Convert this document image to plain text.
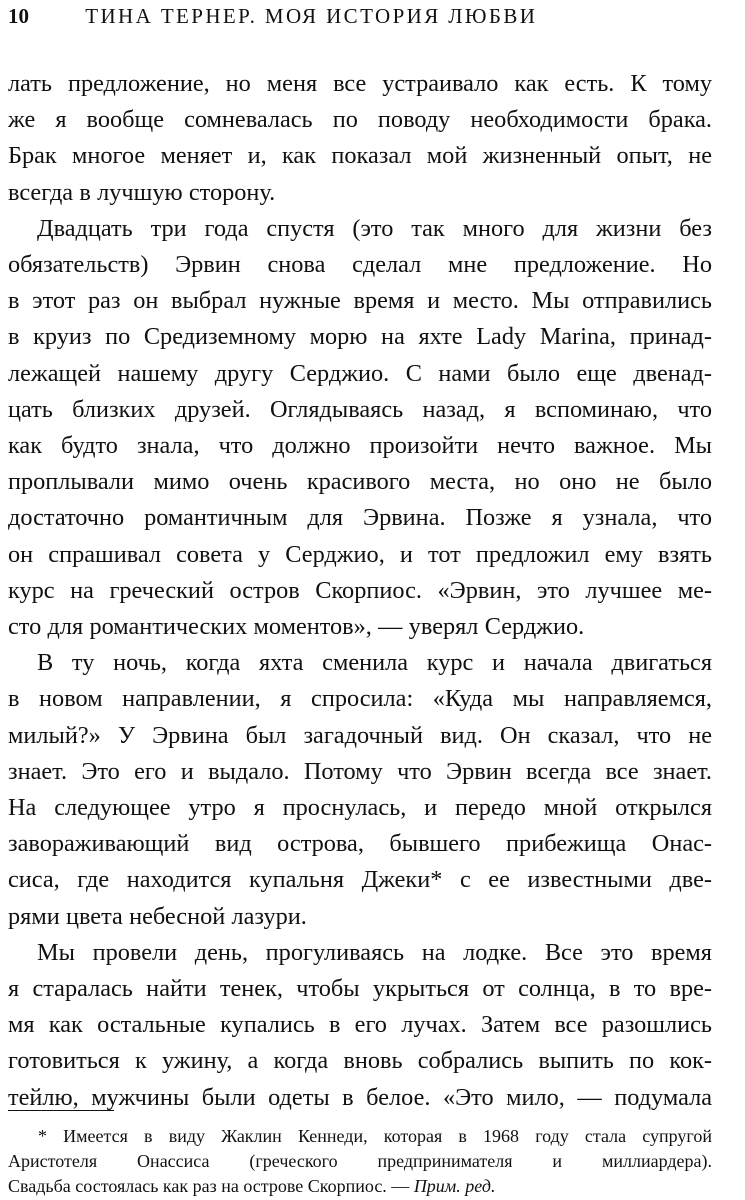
10	ТИНА ТЕРНЕР. МОЯ ИСТОРИЯ ЛЮБВИ
лать предложение, но меня все устраивало как есть. К тому
же я вообще сомневалась по поводу необходимости брака.
Брак многое меняет и, как показал мой жизненный опыт, не
всегда в лучшую сторону.
Двадцать три года спустя (это так много для жизни без
обязательств) Эрвин снова сделал мне предложение. Но
в этот раз он выбрал нужные время и место. Мы отправились
в круиз по Средиземному морю на яхте Lady Marina, принад-
лежащей нашему другу Серджио. С нами было еще двенад-
цать близких друзей. Оглядываясь назад, я вспоминаю, что
как будто знала, что должно произойти нечто важное. Мы
проплывали мимо очень красивого места, но оно не было
достаточно романтичным для Эрвина. Позже я узнала, что
он спрашивал совета у Серджио, и тот предложил ему взять
курс на греческий остров Скорпиос. «Эрвин, это лучшее ме-
сто для романтических моментов», — уверял Серджио.
В ту ночь, когда яхта сменила курс и начала двигаться
в новом направлении, я спросила: «Куда мы направляемся,
милый?» У Эрвина был загадочный вид. Он сказал, что не
знает. Это его и выдало. Потому что Эрвин всегда все знает.
На следующее утро я проснулась, и передо мной открылся
завораживающий вид острова, бывшего прибежища Онас-
сиса, где находится купальня Джеки* с ее известными две-
рями цвета небесной лазури.
Мы провели день, прогуливаясь на лодке. Все это время
я старалась найти тенек, чтобы укрыться от солнца, в то вре-
мя как остальные купались в его лучах. Затем все разошлись
готовиться к ужину, а когда вновь собрались выпить по кок-
тейлю, мужчины были одеты в белое. «Это мило, — подумала
* Имеется в виду Жаклин Кеннеди, которая в 1968 году стала супругой
Аристотеля Онассиса (греческого предпринимателя и миллиардера).
Свадьба состоялась как раз на острове Скорпиос. — Прим. ред.
